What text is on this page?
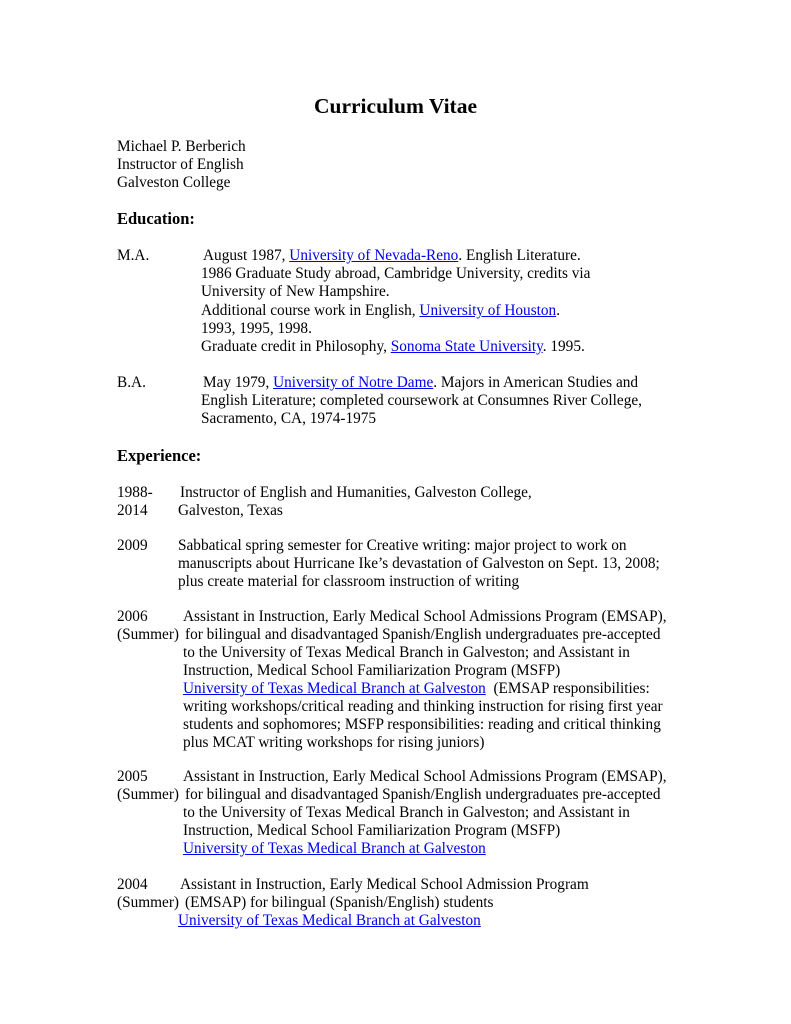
Curriculum Vitae
Michael P. Berberich
Instructor of English
Galveston College
Education:
M.A.	August 1987, University of Nevada-Reno. English Literature.
1986 Graduate Study abroad, Cambridge University, credits via
University of New Hampshire.
Additional course work in English, University of Houston.
1993, 1995, 1998.
Graduate credit in Philosophy, Sonoma State University. 1995.
B.A.	May 1979, University of Notre Dame. Majors in American Studies and
English Literature; completed coursework at Consumnes River College,
Sacramento, CA, 1974-1975
Experience:
1988-
2014
Instructor of English and Humanities, Galveston College,
Galveston, Texas
2009 Sabbatical spring semester for Creative writing: major project to work on
manuscripts about Hurricane Ike’s devastation of Galveston on Sept. 13, 2008;
plus create material for classroom instruction of writing
2006 Assistant in Instruction, Early Medical School Admissions Program (EMSAP),
(Summer) for bilingual and disadvantaged Spanish/English undergraduates pre-accepted
to the University of Texas Medical Branch in Galveston; and Assistant in
Instruction, Medical School Familiarization Program (MSFP)
University of Texas Medical Branch at Galveston  (EMSAP responsibilities:
writing workshops/critical reading and thinking instruction for rising first year
students and sophomores; MSFP responsibilities: reading and critical thinking
plus MCAT writing workshops for rising juniors)
2005 Assistant in Instruction, Early Medical School Admissions Program (EMSAP),
(Summer) for bilingual and disadvantaged Spanish/English undergraduates pre-accepted
to the University of Texas Medical Branch in Galveston; and Assistant in
Instruction, Medical School Familiarization Program (MSFP)
University of Texas Medical Branch at Galveston
2004 Assistant in Instruction, Early Medical School Admission Program
(Summer) (EMSAP) for bilingual (Spanish/English) students
University of Texas Medical Branch at Galveston
